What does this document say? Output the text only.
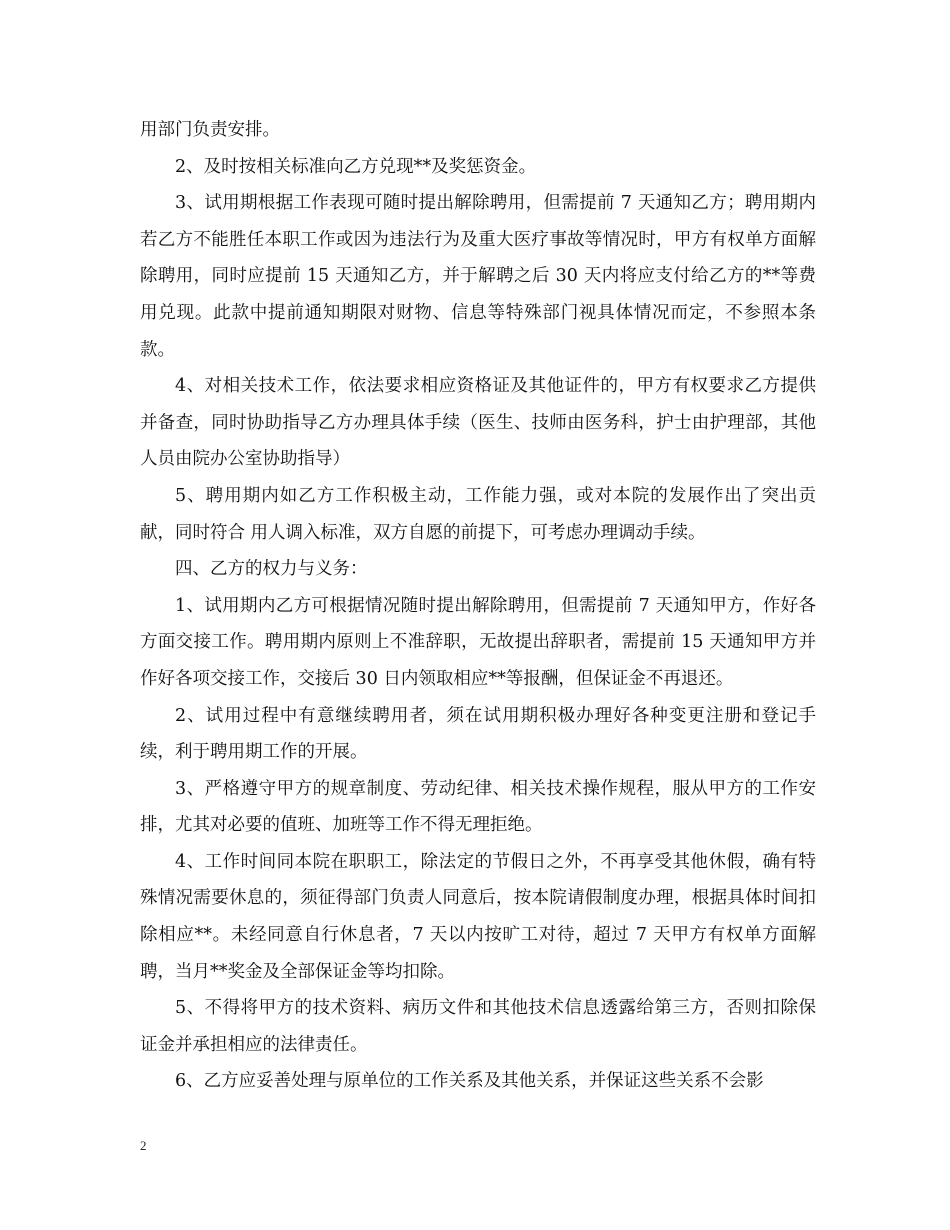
用部门负责安排。

2、及时按相关标准向乙方兑现**及奖惩资金。

3、试用期根据工作表现可随时提出解除聘用，但需提前 7 天通知乙方；聘用期内若乙方不能胜任本职工作或因为违法行为及重大医疗事故等情况时，甲方有权单方面解除聘用，同时应提前 15 天通知乙方，并于解聘之后 30 天内将应支付给乙方的**等费用兑现。此款中提前通知期限对财物、信息等特殊部门视具体情况而定，不参照本条款。

4、对相关技术工作，依法要求相应资格证及其他证件的，甲方有权要求乙方提供并备查，同时协助指导乙方办理具体手续（医生、技师由医务科，护士由护理部，其他人员由院办公室协助指导）

5、聘用期内如乙方工作积极主动，工作能力强，或对本院的发展作出了突出贡献，同时符合 用人调入标准，双方自愿的前提下，可考虑办理调动手续。

四、乙方的权力与义务：

1、试用期内乙方可根据情况随时提出解除聘用，但需提前 7 天通知甲方，作好各方面交接工作。聘用期内原则上不准辞职，无故提出辞职者，需提前 15 天通知甲方并作好各项交接工作，交接后 30 日内领取相应**等报酬，但保证金不再退还。

2、试用过程中有意继续聘用者，须在试用期积极办理好各种变更注册和登记手续，利于聘用期工作的开展。

3、严格遵守甲方的规章制度、劳动纪律、相关技术操作规程，服从甲方的工作安排，尤其对必要的值班、加班等工作不得无理拒绝。

4、工作时间同本院在职职工，除法定的节假日之外，不再享受其他休假，确有特殊情况需要休息的，须征得部门负责人同意后，按本院请假制度办理，根据具体时间扣除相应**。未经同意自行休息者，7 天以内按旷工对待，超过 7 天甲方有权单方面解聘，当月**奖金及全部保证金等均扣除。

5、不得将甲方的技术资料、病历文件和其他技术信息透露给第三方，否则扣除保证金并承担相应的法律责任。

6、乙方应妥善处理与原单位的工作关系及其他关系，并保证这些关系不会影

2
